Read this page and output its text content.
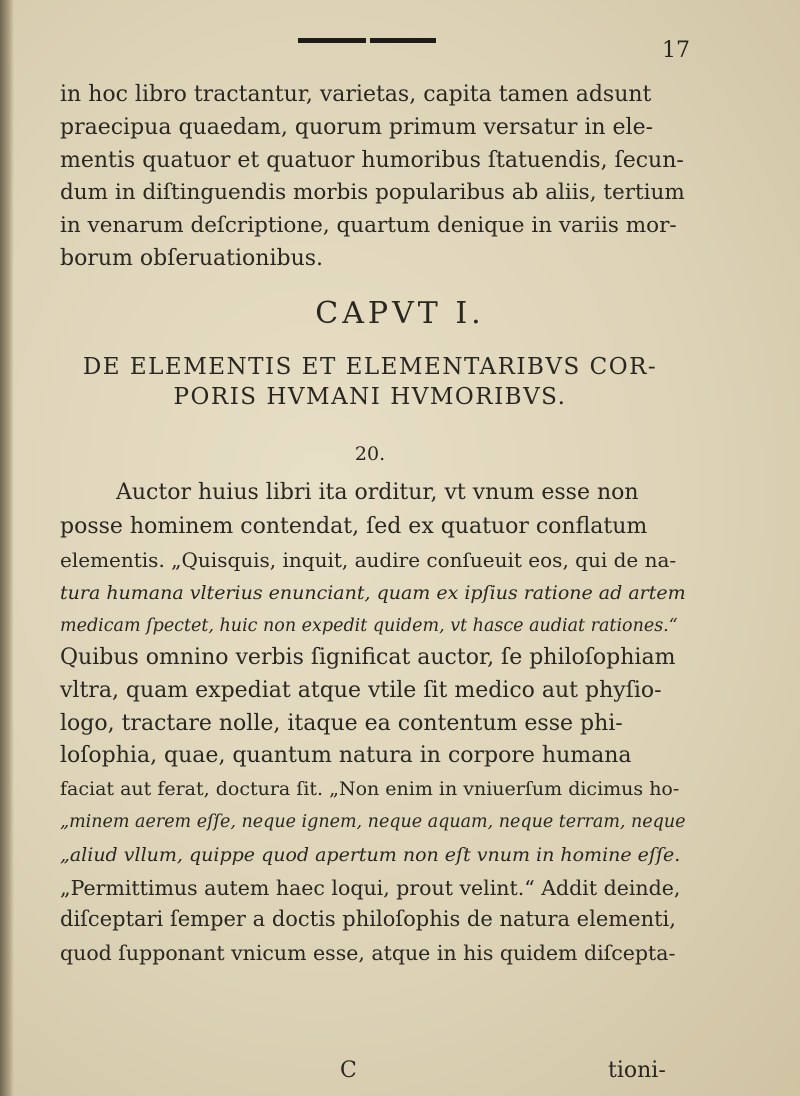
17
in hoc libro tractantur, varietas, capita tamen adsunt
praecipua quaedam, quorum primum versatur in ele-
mentis quatuor et quatuor humoribus ſtatuendis, ſecun-
dum in diſtinguendis morbis popularibus ab aliis, tertium
in venarum deſcriptione, quartum denique in variis mor-
borum obſeruationibus.
CAPVT I.
DE ELEMENTIS ET ELEMENTARIBVS COR-
PORIS HVMANI HVMORIBVS.
20.
Auctor huius libri ita orditur, vt vnum esse non
posse hominem contendat, ſed ex quatuor conflatum
elementis. „Quisquis, inquit, audire conſueuit eos, qui de na-
tura humana vlterius enunciant, quam ex ipſius ratione ad artem
medicam ſpectet, huic non expedit quidem, vt hasce audiat rationes.“
Quibus omnino verbis ſignificat auctor, ſe philoſophiam
vltra, quam expediat atque vtile ſit medico aut phyſio-
logo, tractare nolle, itaque ea contentum esse phi-
loſophia, quae, quantum natura in corpore humana
faciat aut ferat, doctura ſit. „Non enim in vniuerſum dicimus ho-
„minem aerem eſſe, neque ignem, neque aquam, neque terram, neque
„aliud vllum, quippe quod apertum non eſt vnum in homine eſſe.
„Permittimus autem haec loqui, prout velint.“ Addit deinde,
diſceptari ſemper a doctis philoſophis de natura elementi,
quod ſupponant vnicum esse, atque in his quidem diſcepta-
C	tioni-
